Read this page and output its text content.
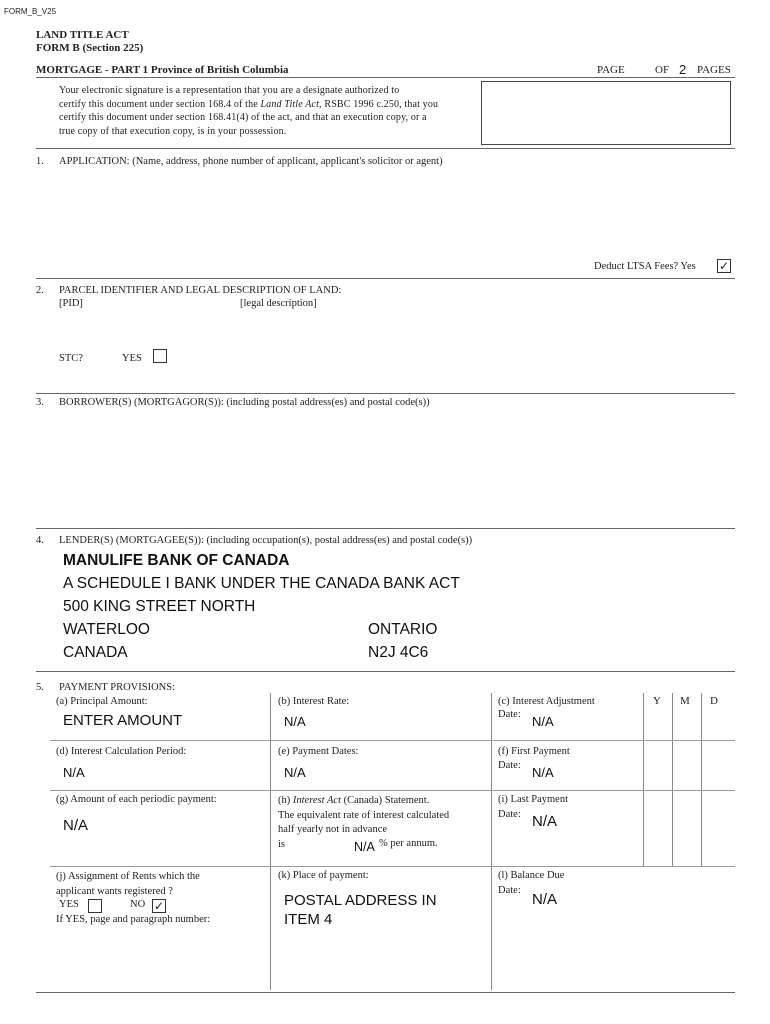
FORM_B_V25
LAND TITLE ACT
FORM B (Section 225)
MORTGAGE - PART 1 Province of British Columbia	PAGE	OF 2 PAGES
Your electronic signature is a representation that you are a designate authorized to
certify this document under section 168.4 of the Land Title Act, RSBC 1996 c.250, that you
certify this document under section 168.41(4) of the act, and that an execution copy, or a
true copy of that execution copy, is in your possession.
1. APPLICATION: (Name, address, phone number of applicant, applicant's solicitor or agent)
Deduct LTSA Fees? Yes ✓
2. PARCEL IDENTIFIER AND LEGAL DESCRIPTION OF LAND:
[PID]	[legal description]
STC?	YES
3. BORROWER(S) (MORTGAGOR(S)): (including postal address(es) and postal code(s))
4. LENDER(S) (MORTGAGEE(S)): (including occupation(s), postal address(es) and postal code(s))
MANULIFE BANK OF CANADA
A SCHEDULE I BANK UNDER THE CANADA BANK ACT
500 KING STREET NORTH
WATERLOO	ONTARIO
CANADA	N2J 4C6
5. PAYMENT PROVISIONS:
(a) Principal Amount:
ENTER AMOUNT
(b) Interest Rate:
N/A
(c) Interest Adjustment
Date: N/A
Y M D
(d) Interest Calculation Period:
N/A
(e) Payment Dates:
N/A
(f) First Payment
Date: N/A
(g) Amount of each periodic payment:
N/A
(h) Interest Act (Canada) Statement.
The equivalent rate of interest calculated
half yearly not in advance
is	N/A % per annum.
(i) Last Payment
Date: N/A
(j) Assignment of Rents which the
applicant wants registered ?
YES	NO ✓
If YES, page and paragraph number:
(k) Place of payment:
POSTAL ADDRESS IN
ITEM 4
(l) Balance Due
Date:
N/A
